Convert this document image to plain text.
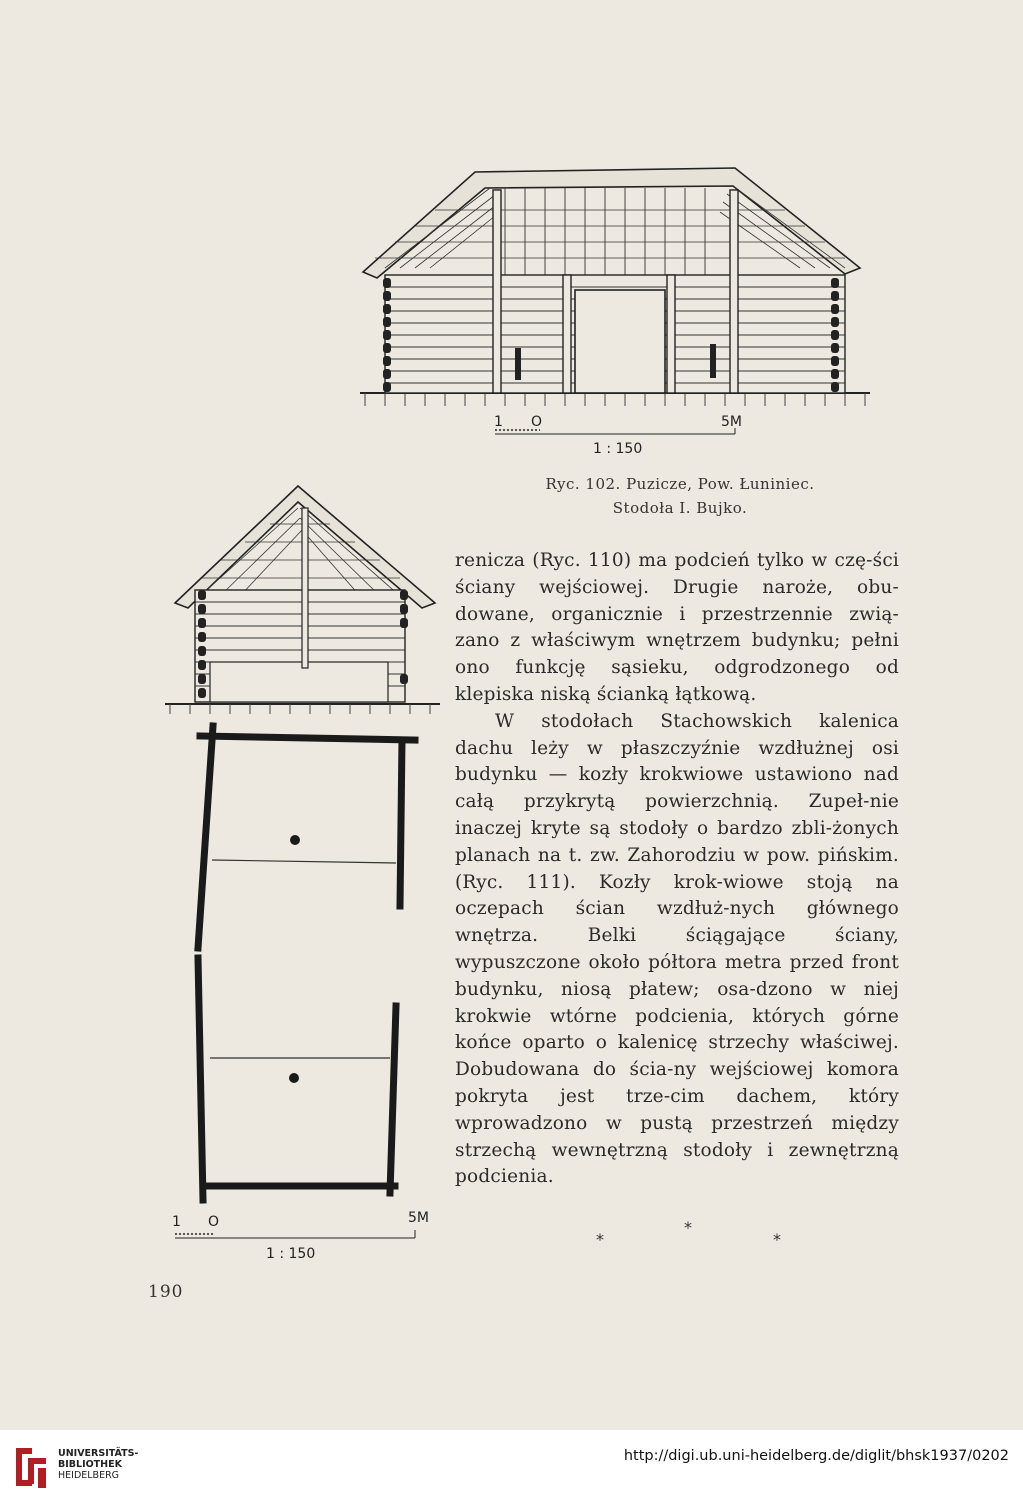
1 O	5M
1 : 150
Ryc. 102. Puzicze, Pow. Łuniniec.
Stodoła I. Bujko.
1 O	5M
1 : 150

renicza (Ryc. 110) ma podcień tylko w czę-ści ściany wejściowej. Drugie naroże, obu-dowane, organicznie i przestrzennie zwią-zano z właściwym wnętrzem budynku; pełni ono funkcję sąsieku, odgrodzonego od klepiska niską ścianką łątkową.

W stodołach Stachowskich kalenica dachu leży w płaszczyźnie wzdłużnej osi budynku — kozły krokwiowe ustawiono nad całą przykrytą powierzchnią. Zupeł-nie inaczej kryte są stodoły o bardzo zbli-żonych planach na t. zw. Zahorodziu w pow. pińskim. (Ryc. 111). Kozły krok-wiowe stoją na oczepach ścian wzdłuż-nych głównego wnętrza. Belki ściągające ściany, wypuszczone około półtora metra przed front budynku, niosą płatew; osa-dzono w niej krokwie wtórne podcienia, których górne końce oparto o kalenicę strzechy właściwej. Dobudowana do ścia-ny wejściowej komora pokryta jest trze-cim dachem, który wprowadzono w pustą przestrzeń między strzechą wewnętrzną stodoły i zewnętrzną podcienia.

*
*	*
190
UNIVERSITÄTS-
BIBLIOTHEK
HEIDELBERG
http://digi.ub.uni-heidelberg.de/diglit/bhsk1937/0202
